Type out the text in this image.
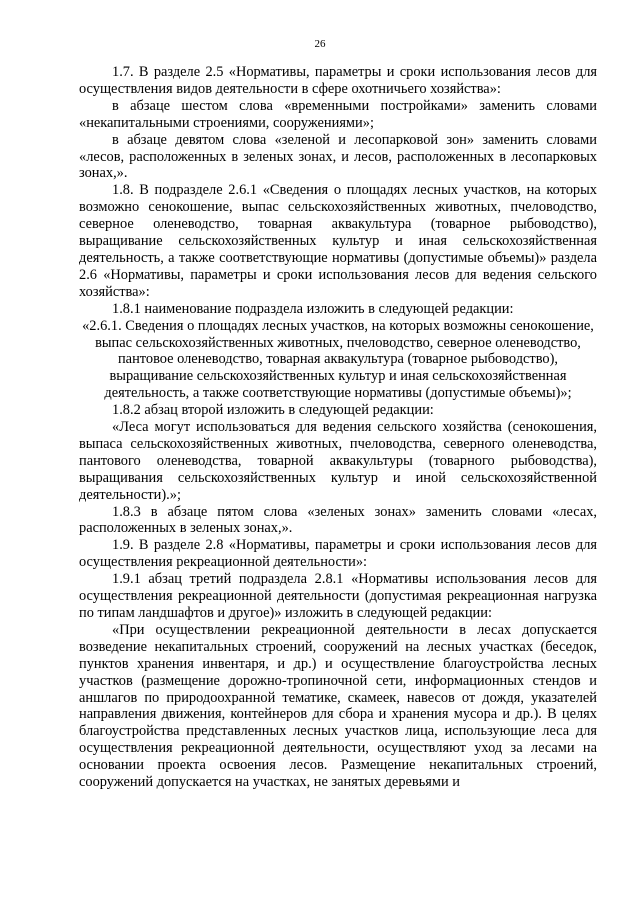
26

1.7. В разделе 2.5 «Нормативы, параметры и сроки использования лесов для осуществления видов деятельности в сфере охотничьего хозяйства»:

в абзаце шестом слова «временными постройками» заменить словами «некапитальными строениями, сооружениями»;

в абзаце девятом слова «зеленой и лесопарковой зон» заменить словами «лесов, расположенных в зеленых зонах, и лесов, расположенных в лесопарковых зонах,».

1.8. В подразделе 2.6.1 «Сведения о площадях лесных участков, на которых возможно сенокошение, выпас сельскохозяйственных животных, пчеловодство, северное оленеводство, товарная аквакультура (товарное рыбоводство), выращивание сельскохозяйственных культур и иная сельскохозяйственная деятельность, а также соответствующие нормативы (допустимые объемы)» раздела 2.6 «Нормативы, параметры и сроки использования лесов для ведения сельского хозяйства»:

1.8.1 наименование подраздела изложить в следующей редакции:

«2.6.1. Сведения о площадях лесных участков, на которых возможны сенокошение, выпас сельскохозяйственных животных, пчеловодство, северное оленеводство, пантовое оленеводство, товарная аквакультура (товарное рыбоводство), выращивание сельскохозяйственных культур и иная сельскохозяйственная деятельность, а также соответствующие нормативы (допустимые объемы)»;

1.8.2 абзац второй изложить в следующей редакции:

«Леса могут использоваться для ведения сельского хозяйства (сенокошения, выпаса сельскохозяйственных животных, пчеловодства, северного оленеводства, пантового оленеводства, товарной аквакультуры (товарного рыбоводства), выращивания сельскохозяйственных культур и иной сельскохозяйственной деятельности).»;

1.8.3 в абзаце пятом слова «зеленых зонах» заменить словами «лесах, расположенных в зеленых зонах,».

1.9. В разделе 2.8 «Нормативы, параметры и сроки использования лесов для осуществления рекреационной деятельности»:

1.9.1 абзац третий подраздела 2.8.1 «Нормативы использования лесов для осуществления рекреационной деятельности (допустимая рекреационная нагрузка по типам ландшафтов и другое)» изложить в следующей редакции:

«При осуществлении рекреационной деятельности в лесах допускается возведение некапитальных строений, сооружений на лесных участках (беседок, пунктов хранения инвентаря, и др.) и осуществление благоустройства лесных участков (размещение дорожно-тропиночной сети, информационных стендов и аншлагов по природоохранной тематике, скамеек, навесов от дождя, указателей направления движения, контейнеров для сбора и хранения мусора и др.). В целях благоустройства представленных лесных участков лица, использующие леса для осуществления рекреационной деятельности, осуществляют уход за лесами на основании проекта освоения лесов. Размещение некапитальных строений, сооружений допускается на участках, не занятых деревьями и
